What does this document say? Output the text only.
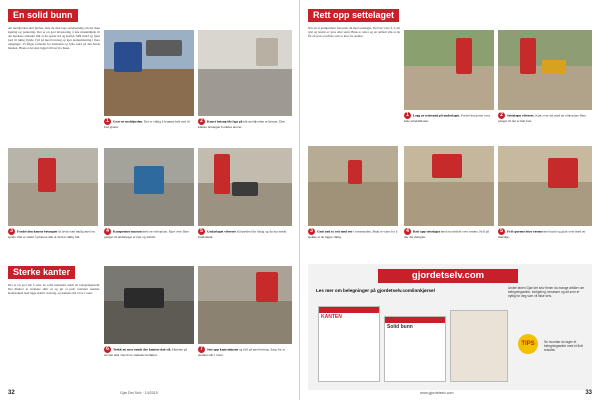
En solid bunn
Alt moldjorden skal fjernes, hele du skal lage settebegning om der ikke kjøring og parkering. Det er en god investering å leie maskinhjelp til det hardeste arbeidet slik at du sparer tid og krefter. Mål mold og fjern jord til riktig dybde, fyll på med bærelag og kjør komprimering i flere omganger. Vi fulgte forbudet for kantstein og fylte sand på den harde bunnen. Husk at det skal ligge fall bort fra huset.
1 Grav ut moldjorden. Det er viktig å komme helt ned til fast grunn.
2 Knust betong ble lagt på når moldjorden er fjernet. Den knuste betongen fordeles utover.
3 Fordel den knuste betongen så jevnt som mulig med en spade. Det er smart å planere slik at du har riktig fall.
4 Komprimer massen med en vibroplate. Kjør over flere ganger til underlaget er fast og stabilt.
5 Undarlaget vibreres så høyden blir riktig og du har sterkt fundament.
Sterke kanter
Det er en god idé å sette en solid kantstein rundt en belegningsstein. Det hindrer at steinene sklir ut og gir et pent avsluttet resultat. Kantsteinen skal ligge stabilt i betong, og kantene må være i vater.
6 Trekk en snor rundt der kanten skal stå. Høyden på snoren skal vise hvor steinene kommer.
7 Sett opp kantsteinene og fyll på med betong. Sørg for at steinen står i vater.
32	Gjør Det Selv · 14/2015
Rett opp settelaget
Når alt er komprimert fortsetter du med settelaget. Det bør være 3–5 cm tykt og består av grus eller sand. Bruk to retter og en rettholt slik at du får en jevn overflate som er klar for steiner.
1 Legg ut settesand på underlaget. Fordel den jevnt over hele arbeidsflaten.
2 Settelaget vibreres. Kjør over det med en vibroplate flere ganger til det er helt fast.
3 Gnet ned to sett med rør i settesanden. Bruk et vater for å sjekke at de ligger riktig.
4 Rett opp settelaget med en rettholt over rørene. Fyll på der det mangler.
5 Fyll sporene etter rørene med sand og glatt over med en murskje.
gjordetselv.com
Les mer om belegninger på gjordetselv.com/innkjørsel	Under fanen Gjør det selv finner du mange artikler om belegningsstein, innkjøring, terrasser og alt som er nyttig for deg som vil fikse selv.
KANTEN
Solid bunn
TIPS	Se hvordan du lager et belegningsstein med et flott resultat.
33
www.gjordetselv.com
